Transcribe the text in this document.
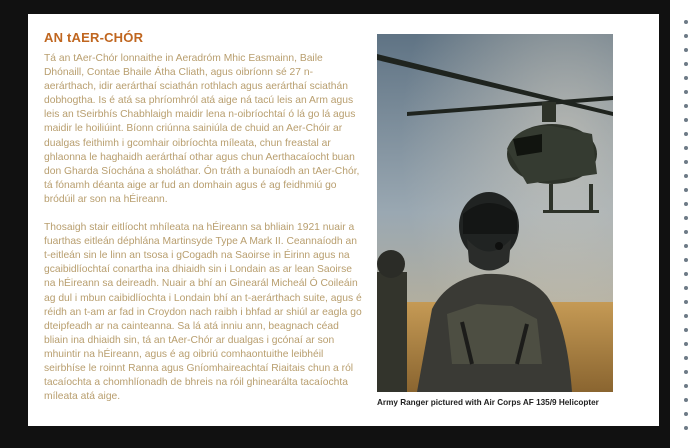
AN tAER-CHÓR

Tá an tAer-Chór lonnaithe in Aeradróm Mhic Easmainn, Baile Dhónaill, Contae Bhaile Átha Cliath, agus oibríonn sé 27 n-aerárthach, idir aerárthaí sciathán rothlach agus aerárthaí sciathán dobhogtha. Is é atá sa phríomhról atá aige ná tacú leis an Arm agus leis an tSeirbhís Chabhlaigh maidir lena n-oibríochtaí ó lá go lá agus maidir le hoiliúint. Bíonn criúnna sainiúla de chuid an Aer-Chóir ar dualgas feithimh i gcomhair oibríochta míleata, chun freastal ar ghlaonna le haghaidh aerárthaí othar agus chun Aerthacaíocht buan don Gharda Síochána a sholáthar. Ón tráth a bunaíodh an tAer-Chór, tá fónamh déanta aige ar fud an domhain agus é ag feidhmiú go bródúil ar son na hÉireann.

Thosaigh stair eitlíocht mhíleata na hÉireann sa bhliain 1921 nuair a fuarthas eitleán déphlána Martinsyde Type A Mark II. Ceannaíodh an t-eitleán sin le linn an tsosa i gCogadh na Saoirse in Éirinn agus na gcaibidlíochtaí conartha ina dhiaidh sin i Londain as ar lean Saoirse na hÉireann sa deireadh. Nuair a bhí an Ginearál Micheál Ó Coileáin ag dul i mbun caibidlíochta i Londain bhí an t-aerárthach suite, agus é réidh an t-am ar fad in Croydon nach raibh i bhfad ar shiúl ar eagla go dteipfeadh ar na cainteanna. Sa lá atá inniu ann, beagnach céad bliain ina dhiaidh sin, tá an tAer-Chór ar dualgas i gcónaí ar son mhuintir na hÉireann, agus é ag oibriú comhaontuithe leibhéil seirbhíse le roinnt Ranna agus Gníomhaireachtaí Riaitais chun a ról tacaíochta a chomhlíonadh de bhreis na róil ghinearálta tacaíochta míleata atá aige.

Army Ranger pictured with Air Corps AF 135/9 Helicopter
